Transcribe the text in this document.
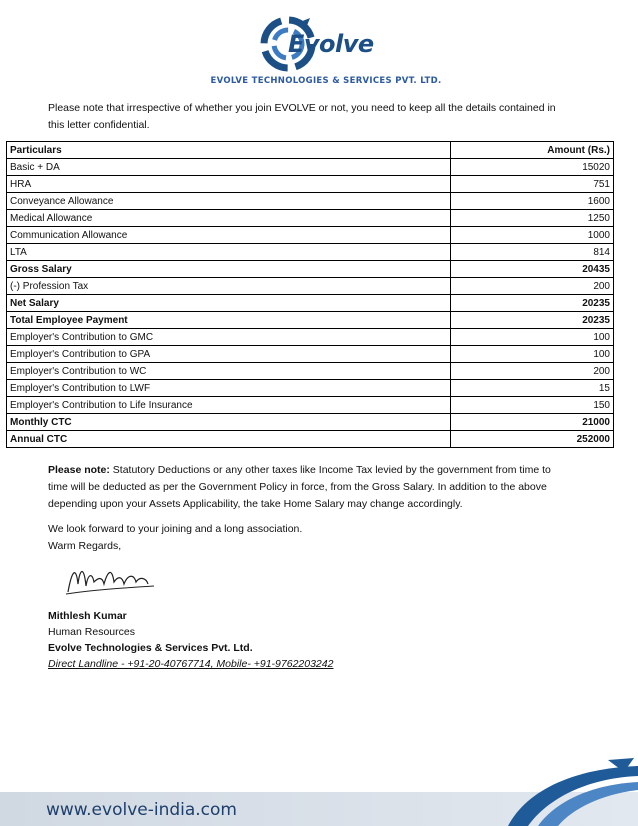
Evolve
EVOLVE TECHNOLOGIES & SERVICES PVT. LTD.

Please note that irrespective of whether you join EVOLVE or not, you need to keep all the details contained in this letter confidential.

Particulars	Amount (Rs.)
Basic + DA	15020
HRA	751
Conveyance Allowance	1600
Medical Allowance	1250
Communication Allowance	1000
LTA	814
Gross Salary	20435
(-) Profession Tax	200
Net Salary	20235
Total Employee Payment	20235
Employer's Contribution to GMC	100
Employer's Contribution to GPA	100
Employer's Contribution to WC	200
Employer's Contribution to LWF	15
Employer's Contribution to Life Insurance	150
Monthly CTC	21000
Annual CTC	252000

Please note: Statutory Deductions or any other taxes like Income Tax levied by the government from time to time will be deducted as per the Government Policy in force, from the Gross Salary. In addition to the above depending upon your Assets Applicability, the take Home Salary may change accordingly.

We look forward to your joining and a long association.
Warm Regards,
Mithlesh Kumar
Human Resources
Evolve Technologies & Services Pvt. Ltd.
Direct Landline - +91-20-40767714, Mobile- +91-9762203242
www.evolve-india.com
